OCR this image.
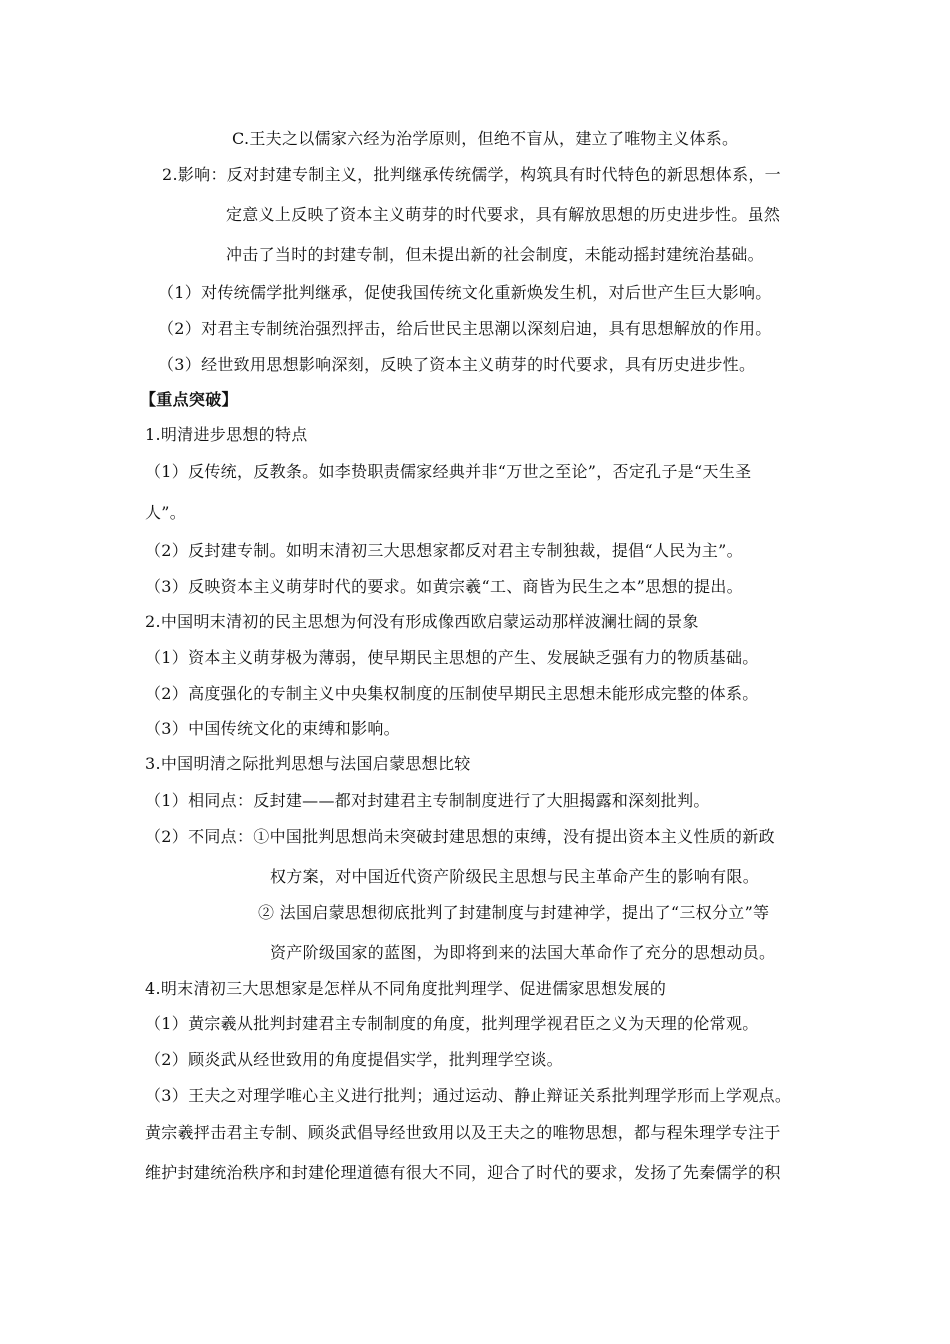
C.王夫之以儒家六经为治学原则，但绝不盲从，建立了唯物主义体系。
2.影响：反对封建专制主义，批判继承传统儒学，构筑具有时代特色的新思想体系，一
定意义上反映了资本主义萌芽的时代要求，具有解放思想的历史进步性。虽然
冲击了当时的封建专制，但未提出新的社会制度，未能动摇封建统治基础。
（1）对传统儒学批判继承，促使我国传统文化重新焕发生机，对后世产生巨大影响。
（2）对君主专制统治强烈抨击，给后世民主思潮以深刻启迪，具有思想解放的作用。
（3）经世致用思想影响深刻，反映了资本主义萌芽的时代要求，具有历史进步性。
【重点突破】
1.明清进步思想的特点
（1）反传统，反教条。如李贽职责儒家经典并非“万世之至论”，否定孔子是“天生圣
人”。
（2）反封建专制。如明末清初三大思想家都反对君主专制独裁，提倡“人民为主”。
（3）反映资本主义萌芽时代的要求。如黄宗羲“工、商皆为民生之本”思想的提出。
2.中国明末清初的民主思想为何没有形成像西欧启蒙运动那样波澜壮阔的景象
（1）资本主义萌芽极为薄弱，使早期民主思想的产生、发展缺乏强有力的物质基础。
（2）高度强化的专制主义中央集权制度的压制使早期民主思想未能形成完整的体系。
（3）中国传统文化的束缚和影响。
3.中国明清之际批判思想与法国启蒙思想比较
（1）相同点：反封建——都对封建君主专制制度进行了大胆揭露和深刻批判。
（2）不同点：①中国批判思想尚未突破封建思想的束缚，没有提出资本主义性质的新政
权方案，对中国近代资产阶级民主思想与民主革命产生的影响有限。
② 法国启蒙思想彻底批判了封建制度与封建神学，提出了“三权分立”等
资产阶级国家的蓝图，为即将到来的法国大革命作了充分的思想动员。
4.明末清初三大思想家是怎样从不同角度批判理学、促进儒家思想发展的
（1）黄宗羲从批判封建君主专制制度的角度，批判理学视君臣之义为天理的伦常观。
（2）顾炎武从经世致用的角度提倡实学，批判理学空谈。
（3）王夫之对理学唯心主义进行批判；通过运动、静止辩证关系批判理学形而上学观点。
黄宗羲抨击君主专制、顾炎武倡导经世致用以及王夫之的唯物思想，都与程朱理学专注于
维护封建统治秩序和封建伦理道德有很大不同，迎合了时代的要求，发扬了先秦儒学的积
